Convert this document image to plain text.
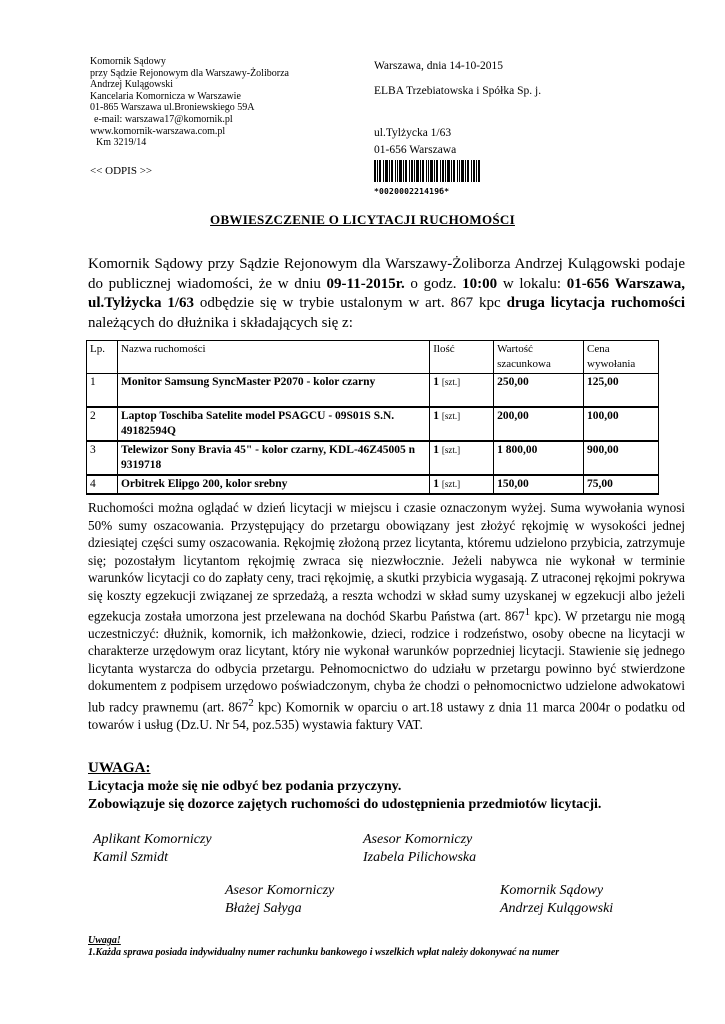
Komornik Sądowy
przy Sądzie Rejonowym dla Warszawy-Żoliborza
Andrzej Kulągowski
Kancelaria Komornicza w Warszawie
01-865 Warszawa ul.Broniewskiego 59A
e-mail: warszawa17@komornik.pl
www.komornik-warszawa.com.pl
Km 3219/14
<< ODPIS >>
Warszawa, dnia 14-10-2015
ELBA Trzebiatowska i Spółka Sp. j.
ul.Tylżycka 1/63
01-656 Warszawa
*002000221419б*
OBWIESZCZENIE O LICYTACJI RUCHOMOŚCI
Komornik Sądowy przy Sądzie Rejonowym dla Warszawy-Żoliborza Andrzej Kulągowski podaje do publicznej wiadomości, że w dniu 09-11-2015r. o godz. 10:00 w lokalu: 01-656 Warszawa, ul.Tylżycka 1/63 odbędzie się w trybie ustalonym w art. 867 kpc druga licytacja ruchomości należących do dłużnika i składających się z:
Lp.	Nazwa ruchomości	Ilość	Wartość szacunkowa	Cena wywołania
1	Monitor Samsung SyncMaster P2070 - kolor czarny	1 [szt.]	250,00	125,00
2	Laptop Toschiba Satelite model PSAGCU - 09S01S S.N. 49182594Q	1 [szt.]	200,00	100,00
3	Telewizor Sony Bravia 45" - kolor czarny, KDL-46Z45005 n 9319718	1 [szt.]	1 800,00	900,00
4	Orbitrek Elipgo 200, kolor srebny	1 [szt.]	150,00	75,00
Ruchomości można oglądać w dzień licytacji w miejscu i czasie oznaczonym wyżej. Suma wywołania wynosi 50% sumy oszacowania. Przystępujący do przetargu obowiązany jest złożyć rękojmię w wysokości jednej dziesiątej części sumy oszacowania. Rękojmię złożoną przez licytanta, któremu udzielono przybicia, zatrzymuje się; pozostałym licytantom rękojmię zwraca się niezwłocznie. Jeżeli nabywca nie wykonał w terminie warunków licytacji co do zapłaty ceny, traci rękojmię, a skutki przybicia wygasają. Z utraconej rękojmi pokrywa się koszty egzekucji związanej ze sprzedażą, a reszta wchodzi w skład sumy uzyskanej w egzekucji albo jeżeli egzekucja została umorzona jest przelewana na dochód Skarbu Państwa (art. $867^1$ kpc). W przetargu nie mogą uczestniczyć: dłużnik, komornik, ich małżonkowie, dzieci, rodzice i rodzeństwo, osoby obecne na licytacji w charakterze urzędowym oraz licytant, który nie wykonał warunków poprzedniej licytacji. Stawienie się jednego licytanta wystarcza do odbycia przetargu. Pełnomocnictwo do udziału w przetargu powinno być stwierdzone dokumentem z podpisem urzędowo poświadczonym, chyba że chodzi o pełnomocnictwo udzielone adwokatowi lub radcy prawnemu (art. $867^2$ kpc) Komornik w oparciu o art.18 ustawy z dnia 11 marca 2004r o podatku od towarów i usług (Dz.U. Nr 54, poz.535) wystawia faktury VAT.
UWAGA:
Licytacja może się nie odbyć bez podania przyczyny.
Zobowiązuje się dozorce zajętych ruchomości do udostępnienia przedmiotów licytacji.
Aplikant Komorniczy
Kamil Szmidt
Asesor Komorniczy
Izabela Pilichowska
Asesor Komorniczy
Błażej Sałyga
Komornik Sądowy
Andrzej Kulągowski
Uwaga!
1.Każda sprawa posiada indywidualny numer rachunku bankowego i wszelkich wpłat należy dokonywać na numer
